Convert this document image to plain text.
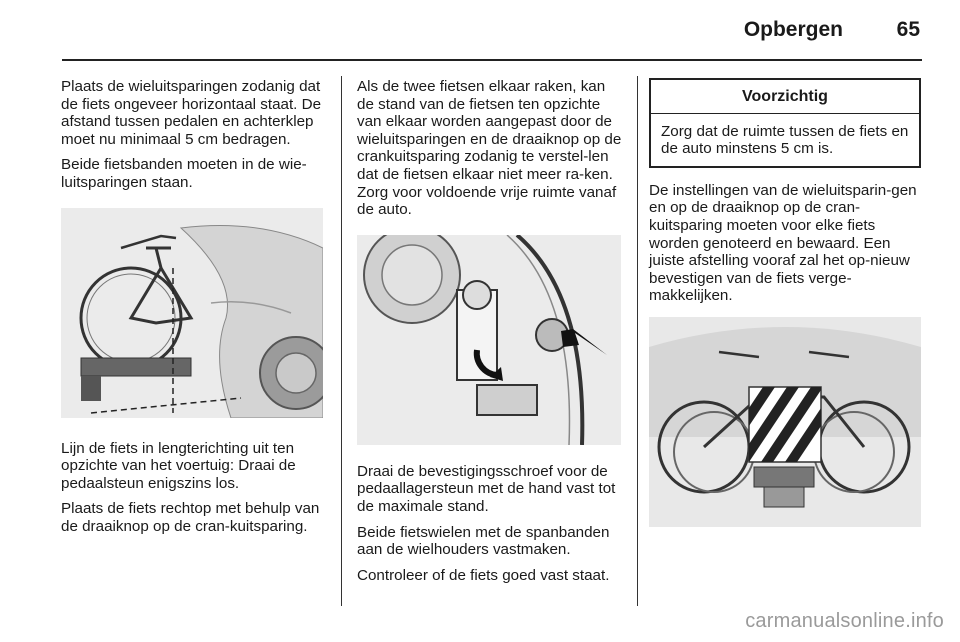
Opbergen	65

Plaats de wieluitsparingen zodanig dat de fiets ongeveer horizontaal staat. De afstand tussen pedalen en achterklep moet nu minimaal 5 cm bedragen.

Beide fietsbanden moeten in de wie-luitsparingen staan.

Lijn de fiets in lengterichting uit ten opzichte van het voertuig: Draai de pedaalsteun enigszins los.

Plaats de fiets rechtop met behulp van de draaiknop op de cran-kuitsparing.

Als de twee fietsen elkaar raken, kan de stand van de fietsen ten opzichte van elkaar worden aangepast door de wieluitsparingen en de draaiknop op de crankuitsparing zodanig te verstel-len dat de fietsen elkaar niet meer ra-ken. Zorg voor voldoende vrije ruimte vanaf de auto.

Draai de bevestigingsschroef voor de pedaallagersteun met de hand vast tot de maximale stand.

Beide fietswielen met de spanbanden aan de wielhouders vastmaken.

Controleer of de fiets goed vast staat.

Voorzichtig
Zorg dat de ruimte tussen de fiets en de auto minstens 5 cm is.

De instellingen van de wieluitsparin-gen en op de draaiknop op de cran-kuitsparing moeten voor elke fiets worden genoteerd en bewaard. Een juiste afstelling vooraf zal het op-nieuw bevestigen van de fiets verge-makkelijken.

carmanualsonline.info
